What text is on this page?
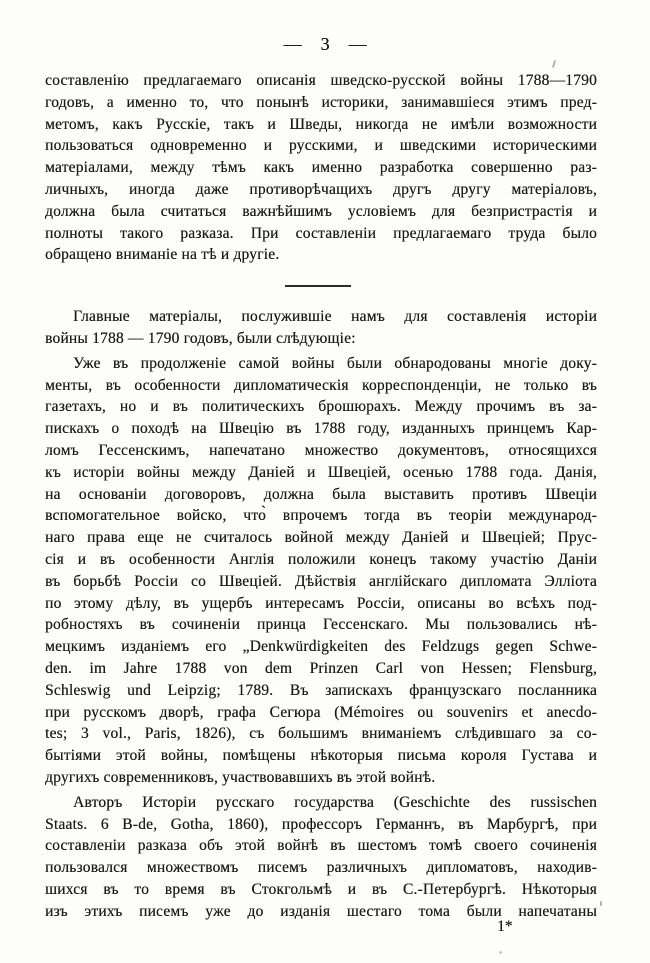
— 3 —

составленію предлагаемаго описанія шведско-русской войны 1788—1790
годовъ, а именно то, что понынѣ историки, занимавшіеся этимъ пред-
метомъ, какъ Русскіе, такъ и Шведы, никогда не имѣли возможности
пользоваться одновременно и русскими, и шведскими историческими
матеріалами, между тѣмъ какъ именно разработка совершенно раз-
личныхъ, иногда даже противорѣчащихъ другъ другу матеріаловъ,
должна была считаться важнѣйшимъ условіемъ для безпристрастія и
полноты такого разказа. При составленіи предлагаемаго труда было
обращено вниманіе на тѣ и другіе.

Главные матеріалы, послужившіе намъ для составленія исторіи
войны 1788 — 1790 годовъ, были слѣдующіе:

Уже въ продолженіе самой войны были обнародованы многіе доку-
менты, въ особенности дипломатическія корреспонденціи, не только въ
газетахъ, но и въ политическихъ брошюрахъ. Между прочимъ въ за-
пискахъ о походѣ на Швецію въ 1788 году, изданныхъ принцемъ Кар-
ломъ Гессенскимъ, напечатано множество документовъ, относящихся
къ исторіи войны между Даніей и Швеціей, осенью 1788 года. Данія,
на основаніи договоровъ, должна была выставить противъ Швеціи
вспомогательное войско, что̀ впрочемъ тогда въ теоріи международ-
наго права еще не считалось войной между Даніей и Швеціей; Прус-
сія и въ особенности Англія положили конецъ такому участію Даніи
въ борьбѣ Россіи со Швеціей. Дѣйствія англійскаго дипломата Элліота
по этому дѣлу, въ ущербъ интересамъ Россіи, описаны во всѣхъ под-
робностяхъ въ сочиненіи принца Гессенскаго. Мы пользовались нѣ-
мецкимъ изданіемъ его „Denkwürdigkeiten des Feldzugs gegen Schwe-
den. im Jahre 1788 von dem Prinzen Carl von Hessen; Flensburg,
Schleswig und Leipzig; 1789. Въ запискахъ французскаго посланника
при русскомъ дворѣ, графа Сегюра (Mémoires ou souvenirs et anecdo-
tes; 3 vol., Paris, 1826), съ большимъ вниманіемъ слѣдившаго за со-
бытіями этой войны, помѣщены нѣкоторыя письма короля Густава и
другихъ современниковъ, участвовавшихъ въ этой войнѣ.

Авторъ Исторіи русскаго государства (Geschichte des russischen
Staats. 6 B-de, Gotha, 1860), профессоръ Германнъ, въ Марбургѣ, при
составленіи разказа объ этой войнѣ въ шестомъ томѣ своего сочиненія
пользовался множествомъ писемъ различныхъ дипломатовъ, находив-
шихся въ то время въ Стокгольмѣ и въ С.-Петербургѣ. Нѣкоторыя
изъ этихъ писемъ уже до изданія шестаго тома были напечатаны

1*
